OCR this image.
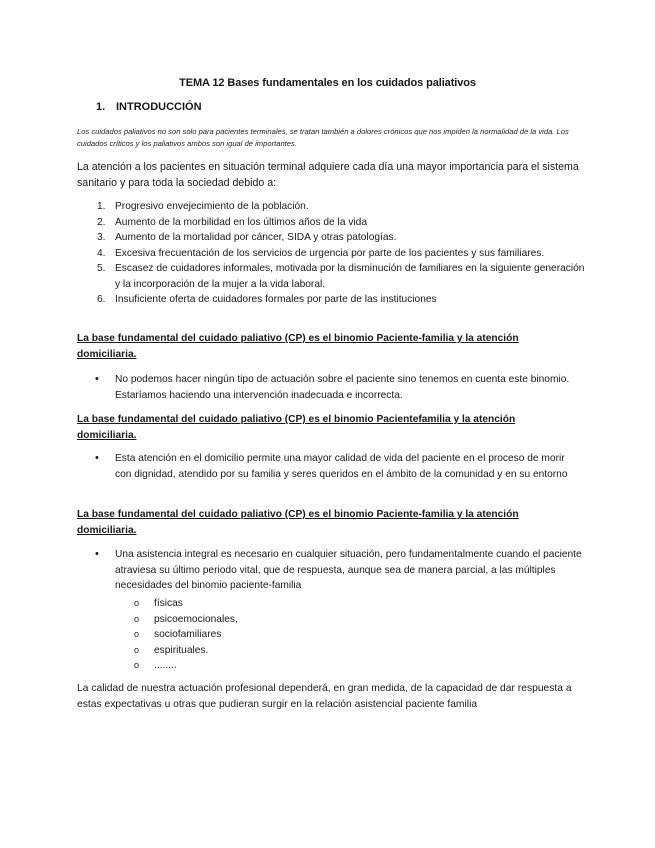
TEMA 12 Bases fundamentales en los cuidados paliativos
1. INTRODUCCIÓN
Los cuidados paliativos no son solo para pacientes terminales, se tratan también a dolores crónicos que nos impiden la normalidad de la vida. Los cuidados críticos y los paliativos ambos son igual de importantes.
La atención a los pacientes en situación terminal adquiere cada día una mayor importancia para el sistema sanitario y para toda la sociedad debido a:
1. Progresivo envejecimiento de la población.
2. Aumento de la morbilidad en los últimos años de la vida
3. Aumento de la mortalidad por cáncer, SIDA y otras patologías.
4. Excesiva frecuentación de los servicios de urgencia por parte de los pacientes y sus familiares.
5. Escasez de cuidadores informales, motivada por la disminución de familiares en la siguiente generación y la incorporación de la mujer a la vida laboral.
6. Insuficiente oferta de cuidadores formales por parte de las instituciones
La base fundamental del cuidado paliativo (CP) es el binomio Paciente-familia y la atención domiciliaria.
• No podemos hacer ningún tipo de actuación sobre el paciente sino tenemos en cuenta este binomio. Estaríamos haciendo una intervención inadecuada e incorrecta.
La base fundamental del cuidado paliativo (CP) es el binomio Pacientefamilia y la atención domiciliaria.
• Esta atención en el domicilio permite una mayor calidad de vida del paciente en el proceso de morir con dignidad, atendido por su familia y seres queridos en el ámbito de la comunidad y en su entorno
La base fundamental del cuidado paliativo (CP) es el binomio Paciente-familia y la atención domiciliaria.
• Una asistencia integral es necesario en cualquier situación, pero fundamentalmente cuando el paciente atraviesa su último periodo vital, que de respuesta, aunque sea de manera parcial, a las múltiples necesidades del binomio paciente-familia
o físicas
o psicoemocionales,
o sociofamiliares
o espirituales.
o ........
La calidad de nuestra actuación profesional dependerá, en gran medida, de la capacidad de dar respuesta a estas expectativas u otras que pudieran surgir en la relación asistencial paciente familia
